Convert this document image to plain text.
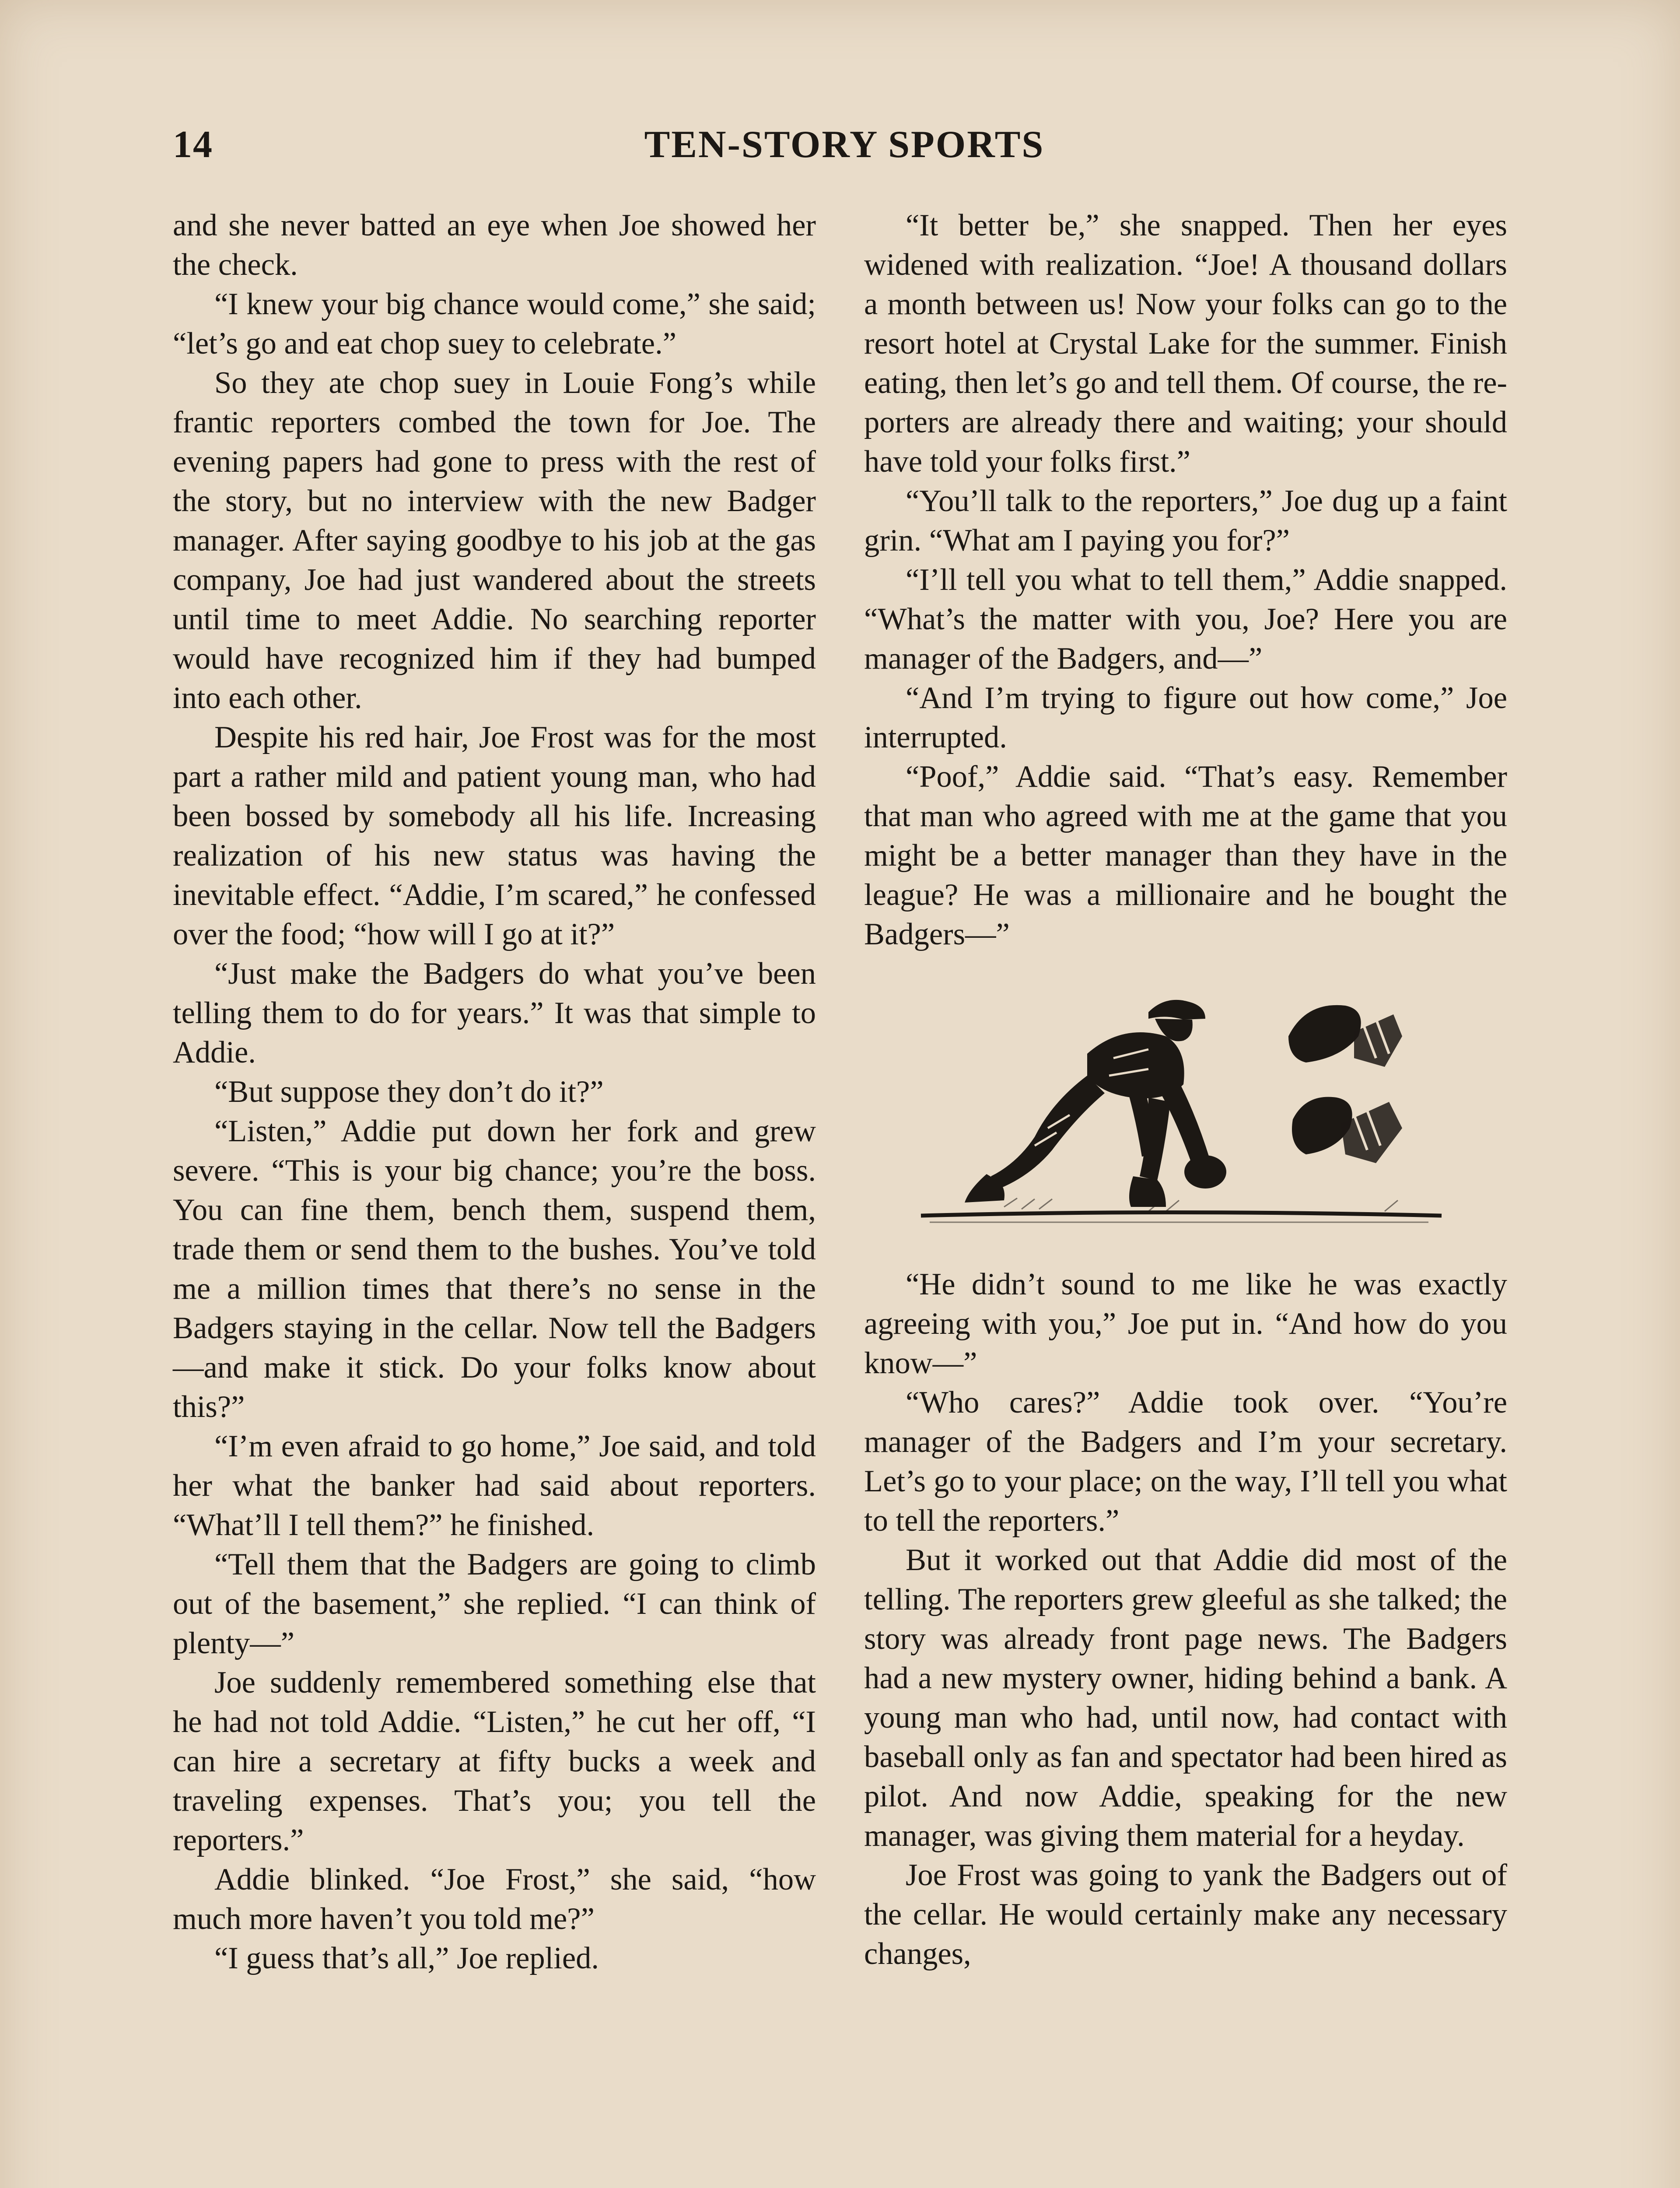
14	TEN-STORY SPORTS

and she never batted an eye when Joe showed her the check.

“I knew your big chance would come,” she said; “let’s go and eat chop suey to celebrate.”

So they ate chop suey in Louie Fong’s while frantic reporters combed the town for Joe. The evening papers had gone to press with the rest of the story, but no interview with the new Badger manager. After saying goodbye to his job at the gas company, Joe had just wandered about the streets until time to meet Addie. No searching reporter would have recognized him if they had bumped into each other.

Despite his red hair, Joe Frost was for the most part a rather mild and patient young man, who had been bossed by somebody all his life. Increasing realization of his new status was having the inevitable effect. “Addie, I’m scared,” he confessed over the food; “how will I go at it?”

“Just make the Badgers do what you’ve been telling them to do for years.” It was that simple to Addie.

“But suppose they don’t do it?”

“Listen,” Addie put down her fork and grew severe. “This is your big chance; you’re the boss. You can fine them, bench them, suspend them, trade them or send them to the bushes. You’ve told me a million times that there’s no sense in the Badgers staying in the cellar. Now tell the Badgers—and make it stick. Do your folks know about this?”

“I’m even afraid to go home,” Joe said, and told her what the banker had said about reporters. “What’ll I tell them?” he finished.

“Tell them that the Badgers are going to climb out of the basement,” she replied. “I can think of plenty—”

Joe suddenly remembered something else that he had not told Addie. “Listen,” he cut her off, “I can hire a secretary at fifty bucks a week and traveling expenses. That’s you; you tell the reporters.”

Addie blinked. “Joe Frost,” she said, “how much more haven’t you told me?”

“I guess that’s all,” Joe replied.

“It better be,” she snapped. Then her eyes widened with realization. “Joe! A thousand dollars a month between us! Now your folks can go to the resort hotel at Crystal Lake for the summer. Finish eating, then let’s go and tell them. Of course, the reporters are already there and waiting; your should have told your folks first.”

“You’ll talk to the reporters,” Joe dug up a faint grin. “What am I paying you for?”

“I’ll tell you what to tell them,” Addie snapped. “What’s the matter with you, Joe? Here you are manager of the Badgers, and—”

“And I’m trying to figure out how come,” Joe interrupted.

“Poof,” Addie said. “That’s easy. Remember that man who agreed with me at the game that you might be a better manager than they have in the league? He was a millionaire and he bought the Badgers—”

“He didn’t sound to me like he was exactly agreeing with you,” Joe put in. “And how do you know—”

“Who cares?” Addie took over. “You’re manager of the Badgers and I’m your secretary. Let’s go to your place; on the way, I’ll tell you what to tell the reporters.”

But it worked out that Addie did most of the telling. The reporters grew gleeful as she talked; the story was already front page news. The Badgers had a new mystery owner, hiding behind a bank. A young man who had, until now, had contact with baseball only as fan and spectator had been hired as pilot. And now Addie, speaking for the new manager, was giving them material for a heyday.

Joe Frost was going to yank the Badgers out of the cellar. He would certainly make any necessary changes,
